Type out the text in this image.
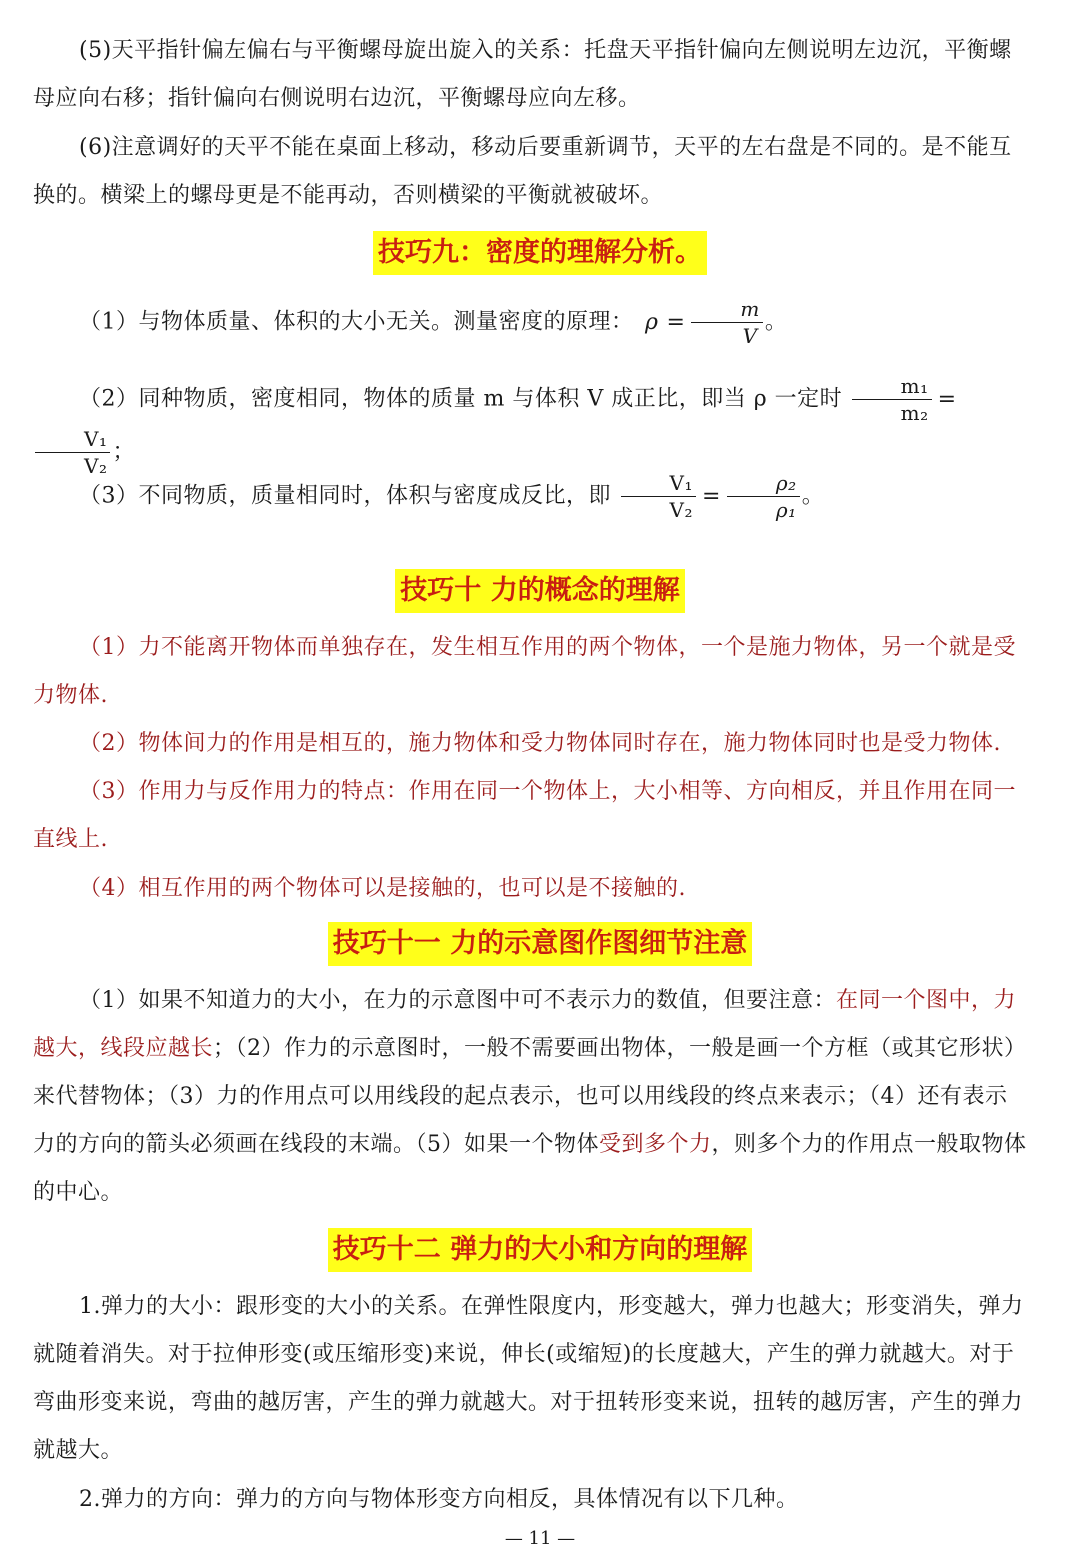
(5)天平指针偏左偏右与平衡螺母旋出旋入的关系：托盘天平指针偏向左侧说明左边沉，平衡螺母应向右移；指针偏向右侧说明右边沉，平衡螺母应向左移。

(6)注意调好的天平不能在桌面上移动，移动后要重新调节，天平的左右盘是不同的。是不能互换的。横梁上的螺母更是不能再动，否则横梁的平衡就被破坏。

技巧九：密度的理解分析。
（1）与物体质量、体积的大小无关。测量密度的原理： $\rho = \frac{m}{V}$ 。
（2）同种物质，密度相同，物体的质量 m 与体积 V 成正比，即当 ρ 一定时 $\frac{\text{m₁}}{\text{m₂}}$ =
$\frac{\text{V₁}}{\text{V₂}}$ ；
（3）不同物质，质量相同时，体积与密度成反比，即 $\frac{\text{V₁}}{\text{V₂}} = \frac{\text{ρ₂}}{\text{ρ₁}}$ 。
技巧十 力的概念的理解

（1）力不能离开物体而单独存在，发生相互作用的两个物体，一个是施力物体，另一个就是受力物体.

（2）物体间力的作用是相互的，施力物体和受力物体同时存在，施力物体同时也是受力物体.

（3）作用力与反作用力的特点：作用在同一个物体上，大小相等、方向相反，并且作用在同一直线上.

（4）相互作用的两个物体可以是接触的，也可以是不接触的.

技巧十一 力的示意图作图细节注意

（1）如果不知道力的大小，在力的示意图中可不表示力的数值，但要注意：在同一个图中，力越大，线段应越长；（2）作力的示意图时，一般不需要画出物体，一般是画一个方框（或其它形状）来代替物体；（3）力的作用点可以用线段的起点表示，也可以用线段的终点来表示；（4）还有表示力的方向的箭头必须画在线段的末端。（5）如果一个物体受到多个力，则多个力的作用点一般取物体的中心。

技巧十二 弹力的大小和方向的理解

1.弹力的大小：跟形变的大小的关系。在弹性限度内，形变越大，弹力也越大；形变消失，弹力就随着消失。对于拉伸形变(或压缩形变)来说，伸长(或缩短)的长度越大，产生的弹力就越大。对于弯曲形变来说，弯曲的越厉害，产生的弹力就越大。对于扭转形变来说，扭转的越厉害，产生的弹力就越大。

2.弹力的方向：弹力的方向与物体形变方向相反，具体情况有以下几种。

— 11 —
